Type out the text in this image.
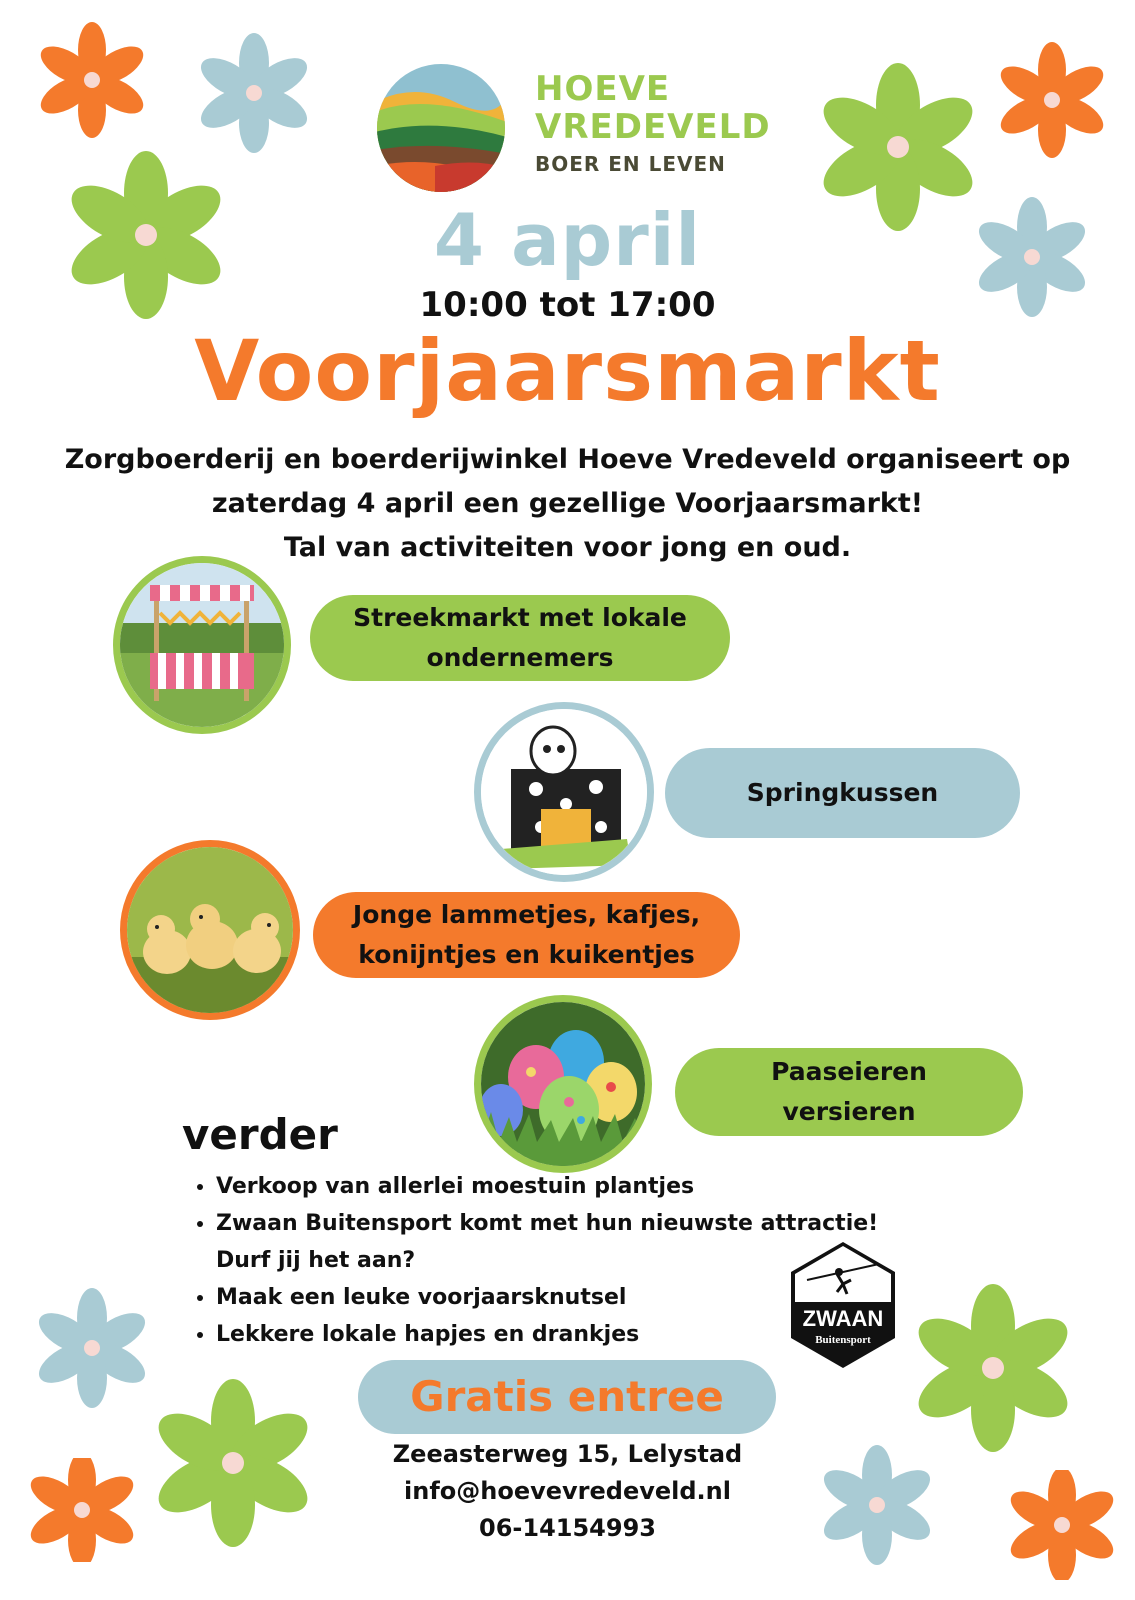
HOEVE
VREDEVELD
BOER EN LEVEN
4 april
10:00 tot 17:00
Voorjaarsmarkt
Zorgboerderij en boerderijwinkel Hoeve Vredeveld organiseert op
zaterdag 4 april een gezellige Voorjaarsmarkt!
Tal van activiteiten voor jong en oud.
Streekmarkt met lokale
ondernemers
Springkussen
Jonge lammetjes, kafjes,
konijntjes en kuikentjes
Paaseieren
versieren
verder
• Verkoop van allerlei moestuin plantjes
• Zwaan Buitensport komt met hun nieuwste attractie!
Durf jij het aan?
• Maak een leuke voorjaarsknutsel
• Lekkere lokale hapjes en drankjes
ZWAAN
Buitensport
Gratis entree
Zeeasterweg 15, Lelystad
info@hoevevredeveld.nl
06-14154993
